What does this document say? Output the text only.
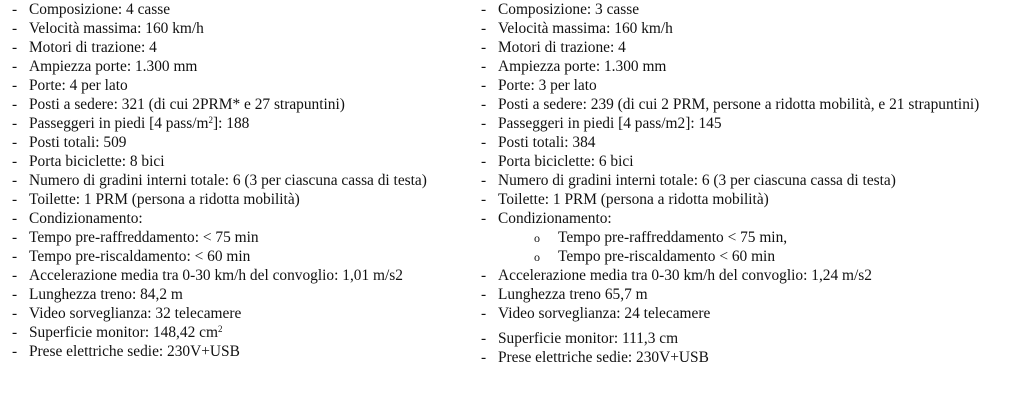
- Composizione: 4 casse
- Velocità massima: 160 km/h
- Motori di trazione: 4
- Ampiezza porte: 1.300 mm
- Porte: 4 per lato
- Posti a sedere: 321 (di cui 2PRM* e 27 strapuntini)
- Passeggeri in piedi [4 pass/$m^2$]: 188
- Posti totali: 509
- Porta biciclette: 8 bici
- Numero di gradini interni totale: 6 (3 per ciascuna cassa di testa)
- Toilette: 1 PRM (persona a ridotta mobilità)
- Condizionamento:
- Tempo pre-raffreddamento: < 75 min
- Tempo pre-riscaldamento: < 60 min
- Accelerazione media tra 0-30 km/h del convoglio: 1,01 m/s2
- Lunghezza treno: 84,2 m
- Video sorveglianza: 32 telecamere
- Superficie monitor: 148,42 $cm^2$
- Prese elettriche sedie: 230V+USB
- Composizione: 3 casse
- Velocità massima: 160 km/h
- Motori di trazione: 4
- Ampiezza porte: 1.300 mm
- Porte: 3 per lato
- Posti a sedere: 239 (di cui 2 PRM, persone a ridotta mobilità, e 21 strapuntini)
- Passeggeri in piedi [4 pass/m2]: 145
- Posti totali: 384
- Porta biciclette: 6 bici
- Numero di gradini interni totale: 6 (3 per ciascuna cassa di testa)
- Toilette: 1 PRM (persona a ridotta mobilità)
- Condizionamento:
o Tempo pre-raffreddamento < 75 min,
o Tempo pre-riscaldamento < 60 min
- Accelerazione media tra 0-30 km/h del convoglio: 1,24 m/s2
- Lunghezza treno 65,7 m
- Video sorveglianza: 24 telecamere
- Superficie monitor: 111,3 cm
- Prese elettriche sedie: 230V+USB
